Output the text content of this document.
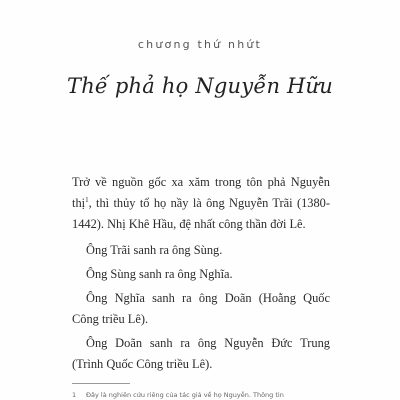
chương thứ nhứt
Thế phả họ Nguyễn Hữu

Trở về nguồn gốc xa xăm trong tôn phả Nguyễn thị$^1$, thì thủy tổ họ nầy là ông Nguyễn Trãi (1380-1442). Nhị Khê Hầu, đệ nhất công thần đời Lê.

Ông Trãi sanh ra ông Sùng.

Ông Sùng sanh ra ông Nghĩa.

Ông Nghĩa sanh ra ông Doãn (Hoằng Quốc Công triều Lê).

Ông Doãn sanh ra ông Nguyễn Đức Trung (Trình Quốc Công triều Lê).

1 Đây là nghiên cứu riêng của tác giả về họ Nguyễn. Thông tin
